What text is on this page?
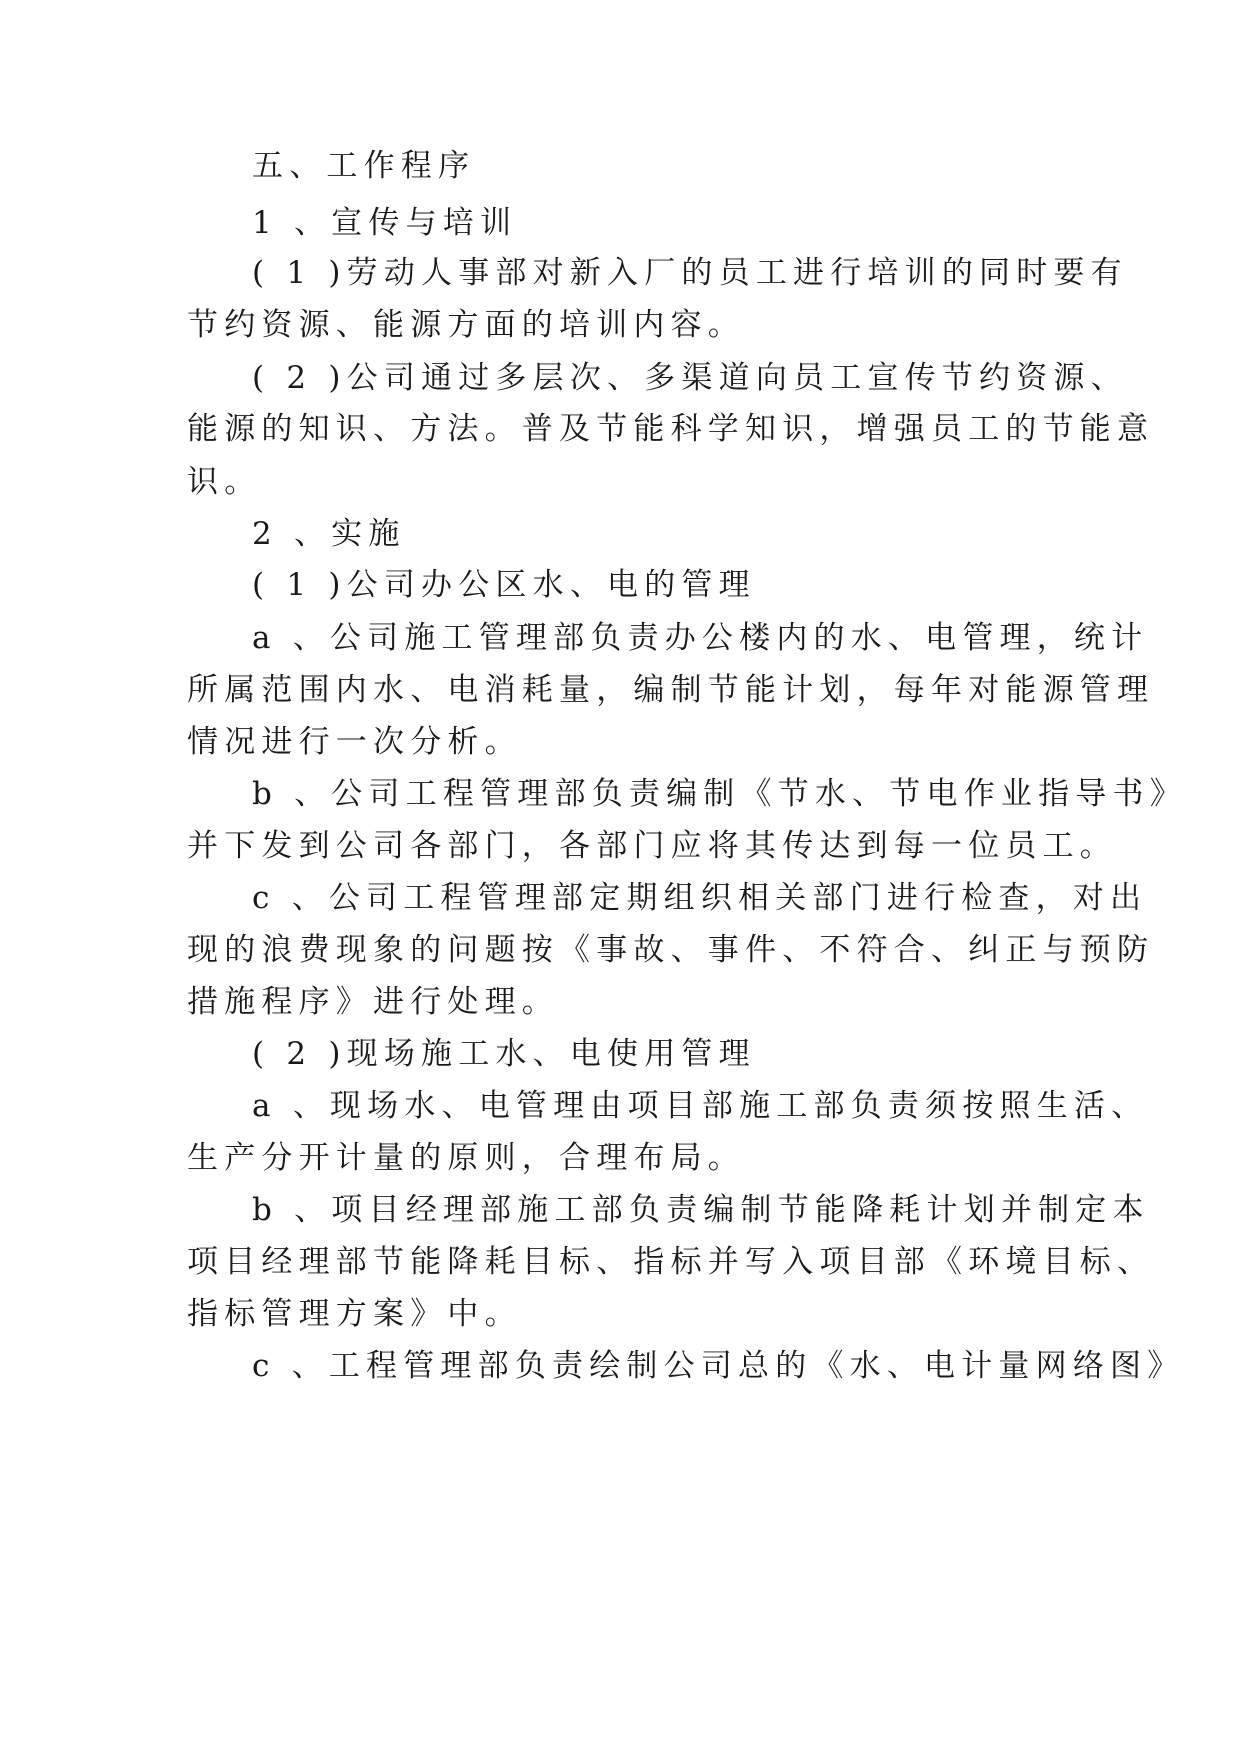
五、工作程序
1 、宣传与培训
( 1 )劳动人事部对新入厂的员工进行培训的同时要有
节约资源、能源方面的培训内容。
( 2 )公司通过多层次、多渠道向员工宣传节约资源、
能源的知识、方法。普及节能科学知识，增强员工的节能意
识。
2 、实施
( 1 )公司办公区水、电的管理
a 、公司施工管理部负责办公楼内的水、电管理，统计
所属范围内水、电消耗量，编制节能计划，每年对能源管理
情况进行一次分析。
b 、公司工程管理部负责编制《节水、节电作业指导书》
并下发到公司各部门，各部门应将其传达到每一位员工。
c 、公司工程管理部定期组织相关部门进行检查，对出
现的浪费现象的问题按《事故、事件、不符合、纠正与预防
措施程序》进行处理。
( 2 )现场施工水、电使用管理
a 、现场水、电管理由项目部施工部负责须按照生活、
生产分开计量的原则，合理布局。
b 、项目经理部施工部负责编制节能降耗计划并制定本
项目经理部节能降耗目标、指标并写入项目部《环境目标、
指标管理方案》中。
c 、工程管理部负责绘制公司总的《水、电计量网络图》
